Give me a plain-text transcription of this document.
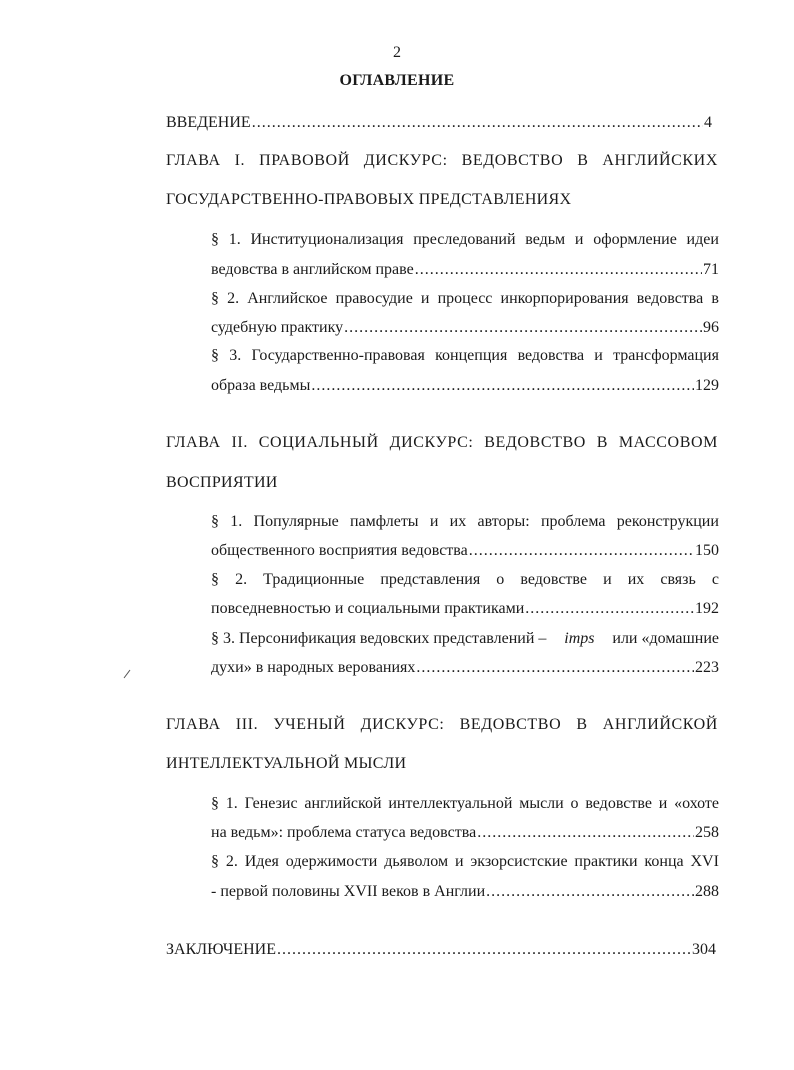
2
ОГЛАВЛЕНИЕ
ВВЕДЕНИЕ .....	4
ГЛАВА I. ПРАВОВОЙ ДИСКУРС: ВЕДОВСТВО В АНГЛИЙСКИХ
ГОСУДАРСТВЕННО-ПРАВОВЫХ ПРЕДСТАВЛЕНИЯХ
§ 1. Институционализация преследований ведьм и оформление идеи
ведовства в английском праве .....	71
§ 2. Английское правосудие и процесс инкорпорирования ведовства в
судебную практику .....	96
§ 3. Государственно-правовая концепция ведовства и трансформация
образа ведьмы .....	129
ГЛАВА II. СОЦИАЛЬНЫЙ ДИСКУРС: ВЕДОВСТВО В МАССОВОМ
ВОСПРИЯТИИ
§ 1. Популярные памфлеты и их авторы: проблема реконструкции
общественного восприятия ведовства .....	150
§ 2. Традиционные представления о ведовстве и их связь с
повседневностью и социальными практиками .....	192
§ 3. Персонификация ведовских представлений – imps или «домашние
духи» в народных верованиях .....	223
ГЛАВА III. УЧЕНЫЙ ДИСКУРС: ВЕДОВСТВО В АНГЛИЙСКОЙ
ИНТЕЛЛЕКТУАЛЬНОЙ МЫСЛИ
§ 1. Генезис английской интеллектуальной мысли о ведовстве и «охоте
на ведьм»: проблема статуса ведовства .....	258
§ 2. Идея одержимости дьяволом и экзорсистские практики конца XVI
- первой половины XVII веков в Англии .....	288
ЗАКЛЮЧЕНИЕ .....	304
